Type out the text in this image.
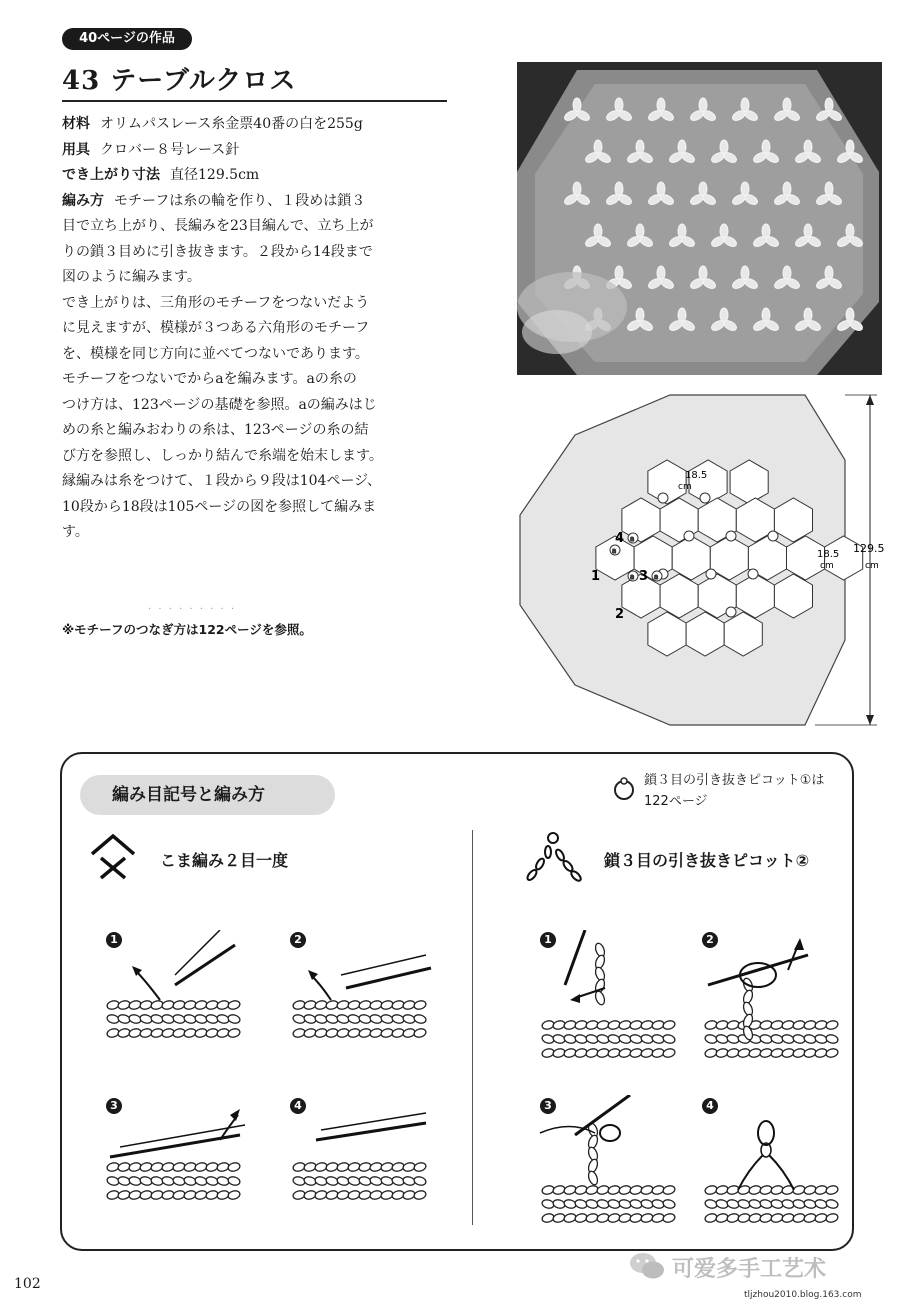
40ページの作品
43 テーブルクロス
材料 オリムパスレース糸金票40番の白を255g
用具 クロバー８号レース針
でき上がり寸法 直径129.5cm
編み方 モチーフは糸の輪を作り、１段めは鎖３
目で立ち上がり、長編みを23目編んで、立ち上が
りの鎖３目めに引き抜きます。２段から14段まで
図のように編みます。
でき上がりは、三角形のモチーフをつないだよう
に見えますが、模様が３つある六角形のモチーフ
を、模様を同じ方向に並べてつないであります。
モチーフをつないでからaを編みます。aの糸の
つけ方は、123ページの基礎を参照。aの編みはじ
めの糸と編みおわりの糸は、123ページの糸の結
び方を参照し、しっかり結んで糸端を始末します。
縁編みは糸をつけて、１段から９段は104ページ、
10段から18段は105ページの図を参照して編みま
す。
· · · · · · · · ·
※モチーフのつなぎ方は122ページを参照。
a
a	a
a
18.5
cm
18.5
cm
129.5
cm
1
2
3
4
編み目記号と編み方
鎖３目の引き抜きピコット①は
122ページ
こま編み２目一度	鎖３目の引き抜きピコット②
1	2
3	4
1	2
3	4
102
可爱多手工艺术
tljzhou2010.blog.163.com
